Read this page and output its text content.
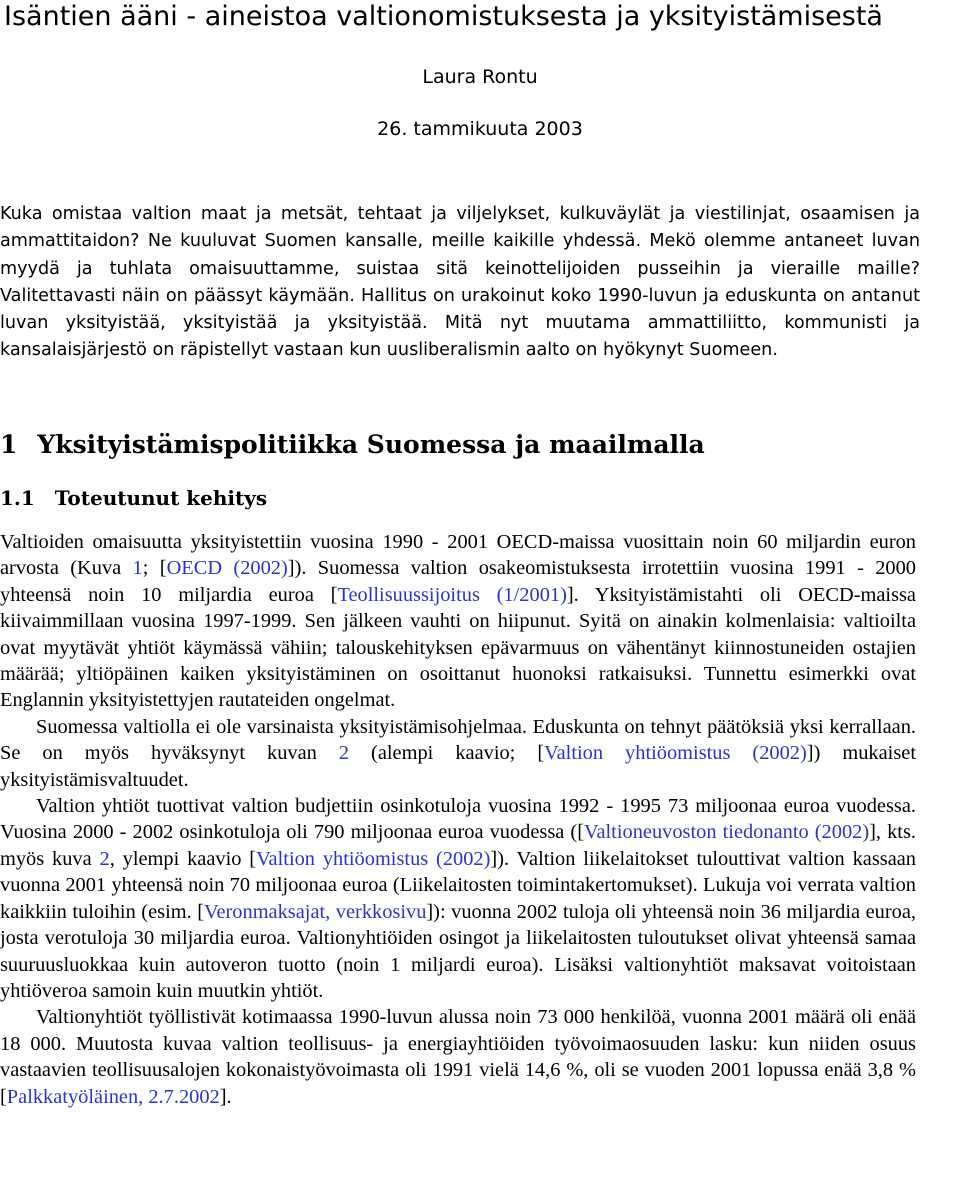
Isäntien ääni - aineistoa valtionomistuksesta ja yksityistämisestä
Laura Rontu
26. tammikuuta 2003

Kuka omistaa valtion maat ja metsät, tehtaat ja viljelykset, kulkuväylät ja viestilinjat, osaamisen ja ammattitaidon? Ne kuuluvat Suomen kansalle, meille kaikille yhdessä. Mekö olemme antaneet luvan myydä ja tuhlata omaisuuttamme, suistaa sitä keinottelijoiden pusseihin ja vieraille maille? Valitettavasti näin on päässyt käymään. Hallitus on urakoinut koko 1990-luvun ja eduskunta on antanut luvan yksityistää, yksityistää ja yksityistää. Mitä nyt muutama ammattiliitto, kommunisti ja kansalaisjärjestö on räpistellyt vastaan kun uusliberalismin aalto on hyökynyt Suomeen.

1 Yksityistämispolitiikka Suomessa ja maailmalla
1.1 Toteutunut kehitys

Valtioiden omaisuutta yksityistettiin vuosina 1990 - 2001 OECD-maissa vuosittain noin 60 miljardin euron arvosta (Kuva 1; [OECD (2002)]). Suomessa valtion osakeomistuksesta irrotettiin vuosina 1991 - 2000 yhteensä noin 10 miljardia euroa [Teollisuussijoitus (1/2001)]. Yksityistämistahti oli OECD-maissa kiivaimmillaan vuosina 1997-1999. Sen jälkeen vauhti on hiipunut. Syitä on ainakin kolmenlaisia: valtioilta ovat myytävät yhtiöt käymässä vähiin; talouskehityksen epävarmuus on vähentänyt kiinnostuneiden ostajien määrää; yltiöpäinen kaiken yksityistäminen on osoittanut huonoksi ratkaisuksi. Tunnettu esimerkki ovat Englannin yksityistettyjen rautateiden ongelmat.

Suomessa valtiolla ei ole varsinaista yksityistämisohjelmaa. Eduskunta on tehnyt päätöksiä yksi kerrallaan. Se on myös hyväksynyt kuvan 2 (alempi kaavio; [Valtion yhtiöomistus (2002)]) mukaiset yksityistämisvaltuudet.

Valtion yhtiöt tuottivat valtion budjettiin osinkotuloja vuosina 1992 - 1995 73 miljoonaa euroa vuodessa. Vuosina 2000 - 2002 osinkotuloja oli 790 miljoonaa euroa vuodessa ([Valtioneuvoston tiedonanto (2002)], kts. myös kuva 2, ylempi kaavio [Valtion yhtiöomistus (2002)]). Valtion liikelaitokset tulouttivat valtion kassaan vuonna 2001 yhteensä noin 70 miljoonaa euroa (Liikelaitosten toimintakertomukset). Lukuja voi verrata valtion kaikkiin tuloihin (esim. [Veronmaksajat, verkkosivu]): vuonna 2002 tuloja oli yhteensä noin 36 miljardia euroa, josta verotuloja 30 miljardia euroa. Valtionyhtiöiden osingot ja liikelaitosten tuloutukset olivat yhteensä samaa suuruusluokkaa kuin autoveron tuotto (noin 1 miljardi euroa). Lisäksi valtionyhtiöt maksavat voitoistaan yhtiöveroa samoin kuin muutkin yhtiöt.

Valtionyhtiöt työllistivät kotimaassa 1990-luvun alussa noin 73 000 henkilöä, vuonna 2001 määrä oli enää 18 000. Muutosta kuvaa valtion teollisuus- ja energiayhtiöiden työvoimaosuuden lasku: kun niiden osuus vastaavien teollisuusalojen kokonaistyövoimasta oli 1991 vielä 14,6 %, oli se vuoden 2001 lopussa enää 3,8 % [Palkkatyöläinen, 2.7.2002].
